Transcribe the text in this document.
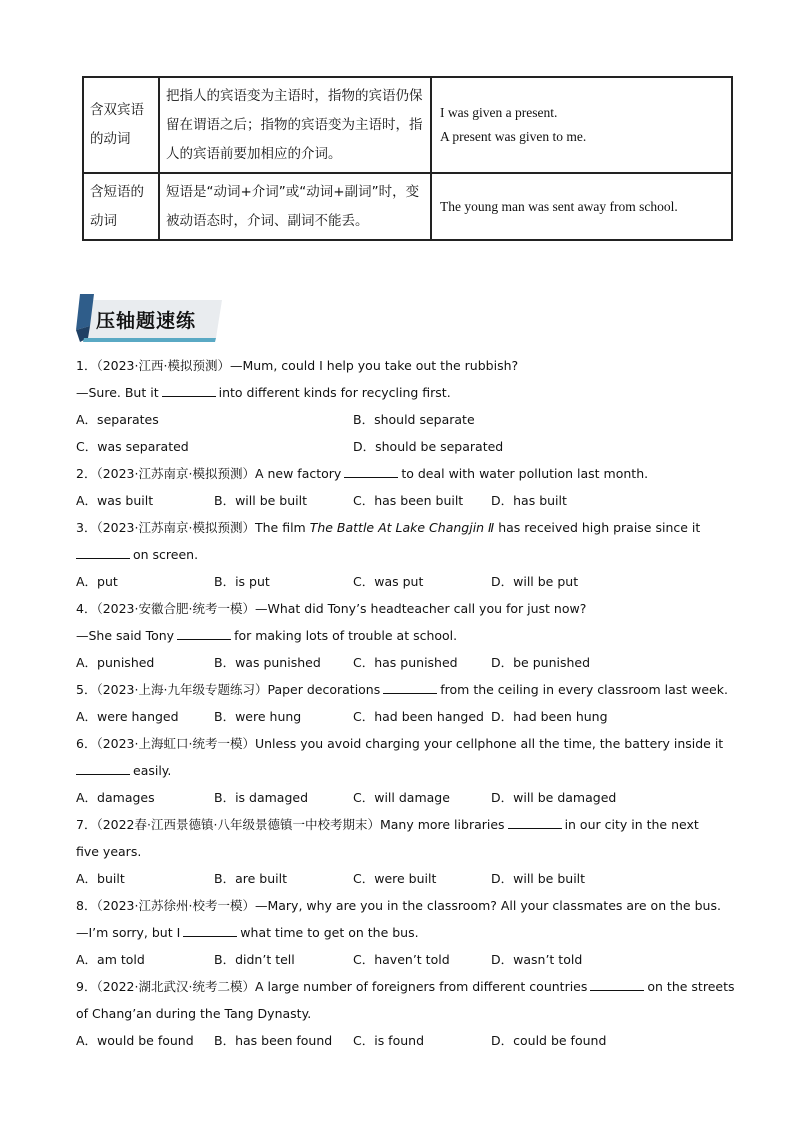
含双宾语的动词	把指人的宾语变为主语时，指物的宾语仍保留在谓语之后；指物的宾语变为主语时，指人的宾语前要加相应的介词。	I was given a present.
A present was given to me.

含短语的动词	短语是“动词+介词”或“动词+副词”时，变被动语态时，介词、副词不能丢。	The young man was sent away from school.
压轴题速练
1．（2023·江西·模拟预测）—Mum, could I help you take out the rubbish?
—Sure. But it	into different kinds for recycling first.
A．separates	B．should separate
C．was separated	D．should be separated
2．（2023·江苏南京·模拟预测）A new factory	to deal with water pollution last month.
A．was built	B．will be built	C．has been built D．has built
3．（2023·江苏南京·模拟预测）The film The Battle At Lake Changjin Ⅱ has received high praise since it
on screen.
A．put	B．is put	C．was put	D．will be put
4．（2023·安徽合肥·统考一模）—What did Tony’s headteacher call you for just now?
—She said Tony	for making lots of trouble at school.
A．punished	B．was punished	C．has punished	D．be punished
5．（2023·上海·九年级专题练习）Paper decorations	from the ceiling in every classroom last week.
A．were hanged	B．were hung	C．had been hanged D．had been hung
6．（2023·上海虹口·统考一模）Unless you avoid charging your cellphone all the time, the battery inside it
easily.
A．damages	B．is damaged	C．will damage	D．will be damaged
7．（2022春·江西景德镇·八年级景德镇一中校考期末）Many more libraries	in our city in the next
five years.
A．built	B．are built	C．were built	D．will be built
8．（2023·江苏徐州·校考一模）—Mary, why are you in the classroom? All your classmates are on the bus.
—I’m sorry, but I	what time to get on the bus.
A．am told	B．didn’t tell	C．haven’t told	D．wasn’t told
9．（2022·湖北武汉·统考二模）A large number of foreigners from different countries	on the streets
of Chang’an during the Tang Dynasty.
A．would be found B．has been found C．is found	D．could be found
